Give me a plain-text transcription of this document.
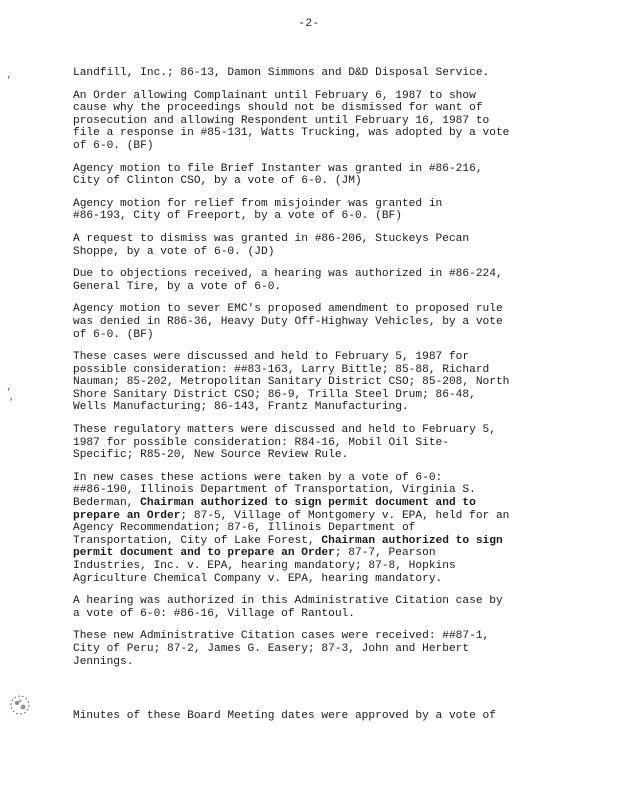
-2-
‚
‚
‘

Landfill, Inc.; 86-13, Damon Simmons and D&D Disposal Service.

An Order allowing Complainant until February 6, 1987 to show
cause why the proceedings should not be dismissed for want of
prosecution and allowing Respondent until February 16, 1987 to
file a response in #85-131, Watts Trucking, was adopted by a vote
of 6-0. (BF)

Agency motion to file Brief Instanter was granted in #86-216,
City of Clinton CSO, by a vote of 6-0. (JM)

Agency motion for relief from misjoinder was granted in
#86-193, City of Freeport, by a vote of 6-0. (BF)

A request to dismiss was granted in #86-206, Stuckeys Pecan
Shoppe, by a vote of 6-0. (JD)

Due to objections received, a hearing was authorized in #86-224,
General Tire, by a vote of 6-0.

Agency motion to sever EMC's proposed amendment to proposed rule
was denied in R86-36, Heavy Duty Off-Highway Vehicles, by a vote
of 6-0. (BF)

These cases were discussed and held to February 5, 1987 for
possible consideration: ##83-163, Larry Bittle; 85-88, Richard
Nauman; 85-202, Metropolitan Sanitary District CSO; 85-208, North
Shore Sanitary District CSO; 86-9, Trilla Steel Drum; 86-48,
Wells Manufacturing; 86-143, Frantz Manufacturing.

These regulatory matters were discussed and held to February 5,
1987 for possible consideration: R84-16, Mobil Oil Site-
Specific; R85-20, New Source Review Rule.

In new cases these actions were taken by a vote of 6-0:
##86-190, Illinois Department of Transportation, Virginia S.
Bederman, Chairman authorized to sign permit document and to
prepare an Order; 87-5, Village of Montgomery v. EPA, held for an
Agency Recommendation; 87-6, Illinois Department of
Transportation, City of Lake Forest, Chairman authorized to sign
permit document and to prepare an Order; 87-7, Pearson
Industries, Inc. v. EPA, hearing mandatory; 87-8, Hopkins
Agriculture Chemical Company v. EPA, hearing mandatory.

A hearing was authorized in this Administrative Citation case by
a vote of 6-0: #86-16, Village of Rantoul.

These new Administrative Citation cases were received: ##87-1,
City of Peru; 87-2, James G. Easery; 87-3, John and Herbert
Jennings.

Minutes of these Board Meeting dates were approved by a vote of
